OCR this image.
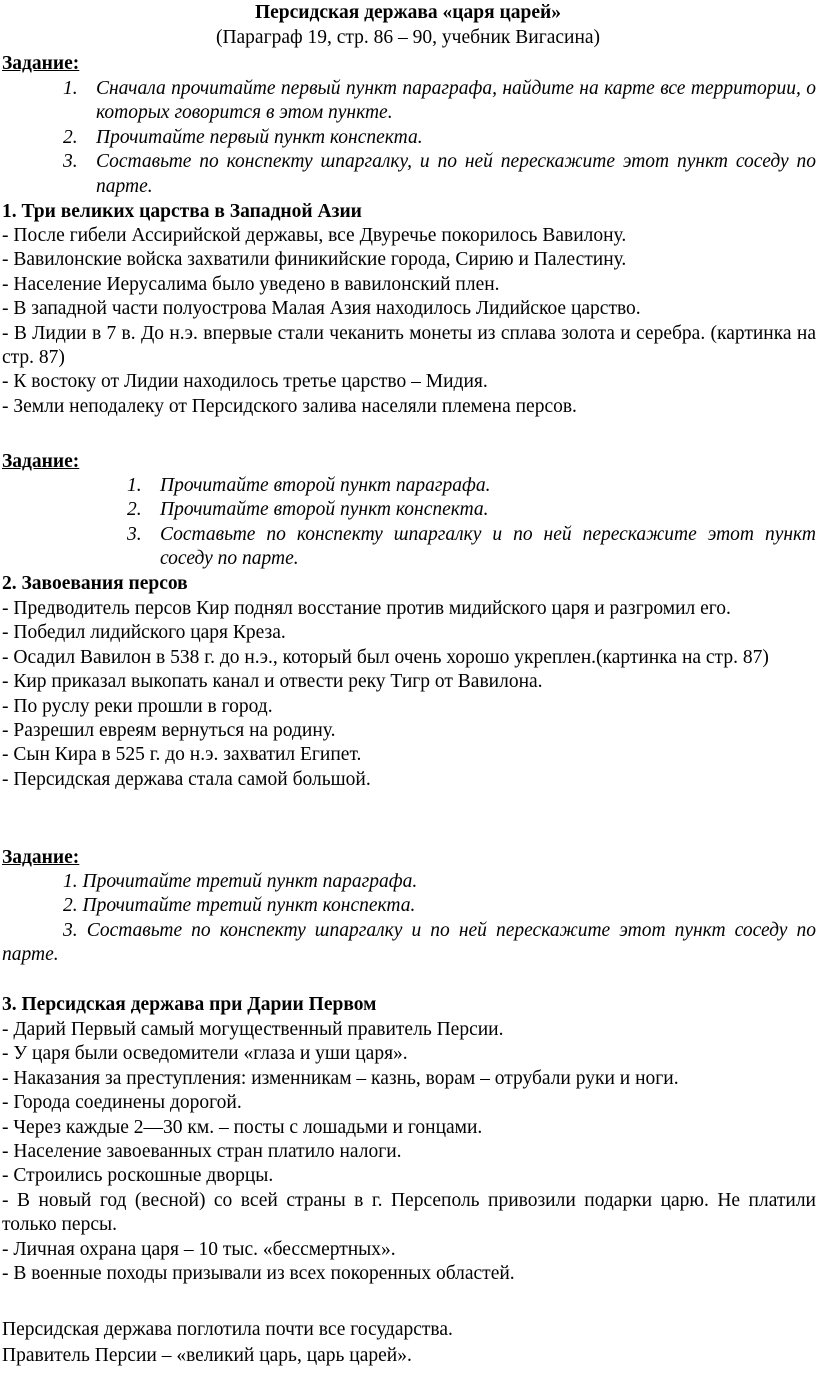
Персидская держава «царя царей»
(Параграф 19, стр. 86 – 90, учебник Вигасина)
Задание:
1. Сначала прочитайте первый пункт параграфа, найдите на карте все территории, о которых говорится в этом пункте.
2. Прочитайте первый пункт конспекта.
3. Составьте по конспекту шпаргалку, и по ней перескажите этот пункт соседу по парте.
1. Три великих царства в Западной Азии

- После гибели Ассирийской державы, все Двуречье покорилось Вавилону.

- Вавилонские войска захватили финикийские города, Сирию и Палестину.

- Население Иерусалима было уведено в вавилонский плен.

- В западной части полуострова Малая Азия находилось Лидийское царство.

- В Лидии в 7 в. До н.э. впервые стали чеканить монеты из сплава золота и серебра. (картинка на стр. 87)

- К востоку от Лидии находилось третье царство – Мидия.

- Земли неподалеку от Персидского залива населяли племена персов.

Задание:
1. Прочитайте второй пункт параграфа.
2. Прочитайте второй пункт конспекта.
3. Составьте по конспекту шпаргалку и по ней перескажите этот пункт соседу по парте.
2. Завоевания персов

- Предводитель персов Кир поднял восстание против мидийского царя и разгромил его.

- Победил лидийского царя Креза.

- Осадил Вавилон в 538 г. до н.э., который был очень хорошо укреплен.(картинка на стр. 87)

- Кир приказал выкопать канал и отвести реку Тигр от Вавилона.

- По руслу реки прошли в город.

- Разрешил евреям вернуться на родину.

- Сын Кира в 525 г. до н.э. захватил Египет.

- Персидская держава стала самой большой.

Задание:

1. Прочитайте третий пункт параграфа.

2. Прочитайте третий пункт конспекта.

3. Составьте по конспекту шпаргалку и по ней перескажите этот пункт соседу по парте.

3. Персидская держава при Дарии Первом

- Дарий Первый самый могущественный правитель Персии.

- У царя были осведомители «глаза и уши царя».

- Наказания за преступления: изменникам – казнь, ворам – отрубали руки и ноги.

- Города соединены дорогой.

- Через каждые 2—30 км. – посты с лошадьми и гонцами.

- Население завоеванных стран платило налоги.

- Строились роскошные дворцы.

- В новый год (весной) со всей страны в г. Персеполь привозили подарки царю. Не платили только персы.

- Личная охрана царя – 10 тыс. «бессмертных».

- В военные походы призывали из всех покоренных областей.

Персидская держава поглотила почти все государства.

Правитель Персии – «великий царь, царь царей».
